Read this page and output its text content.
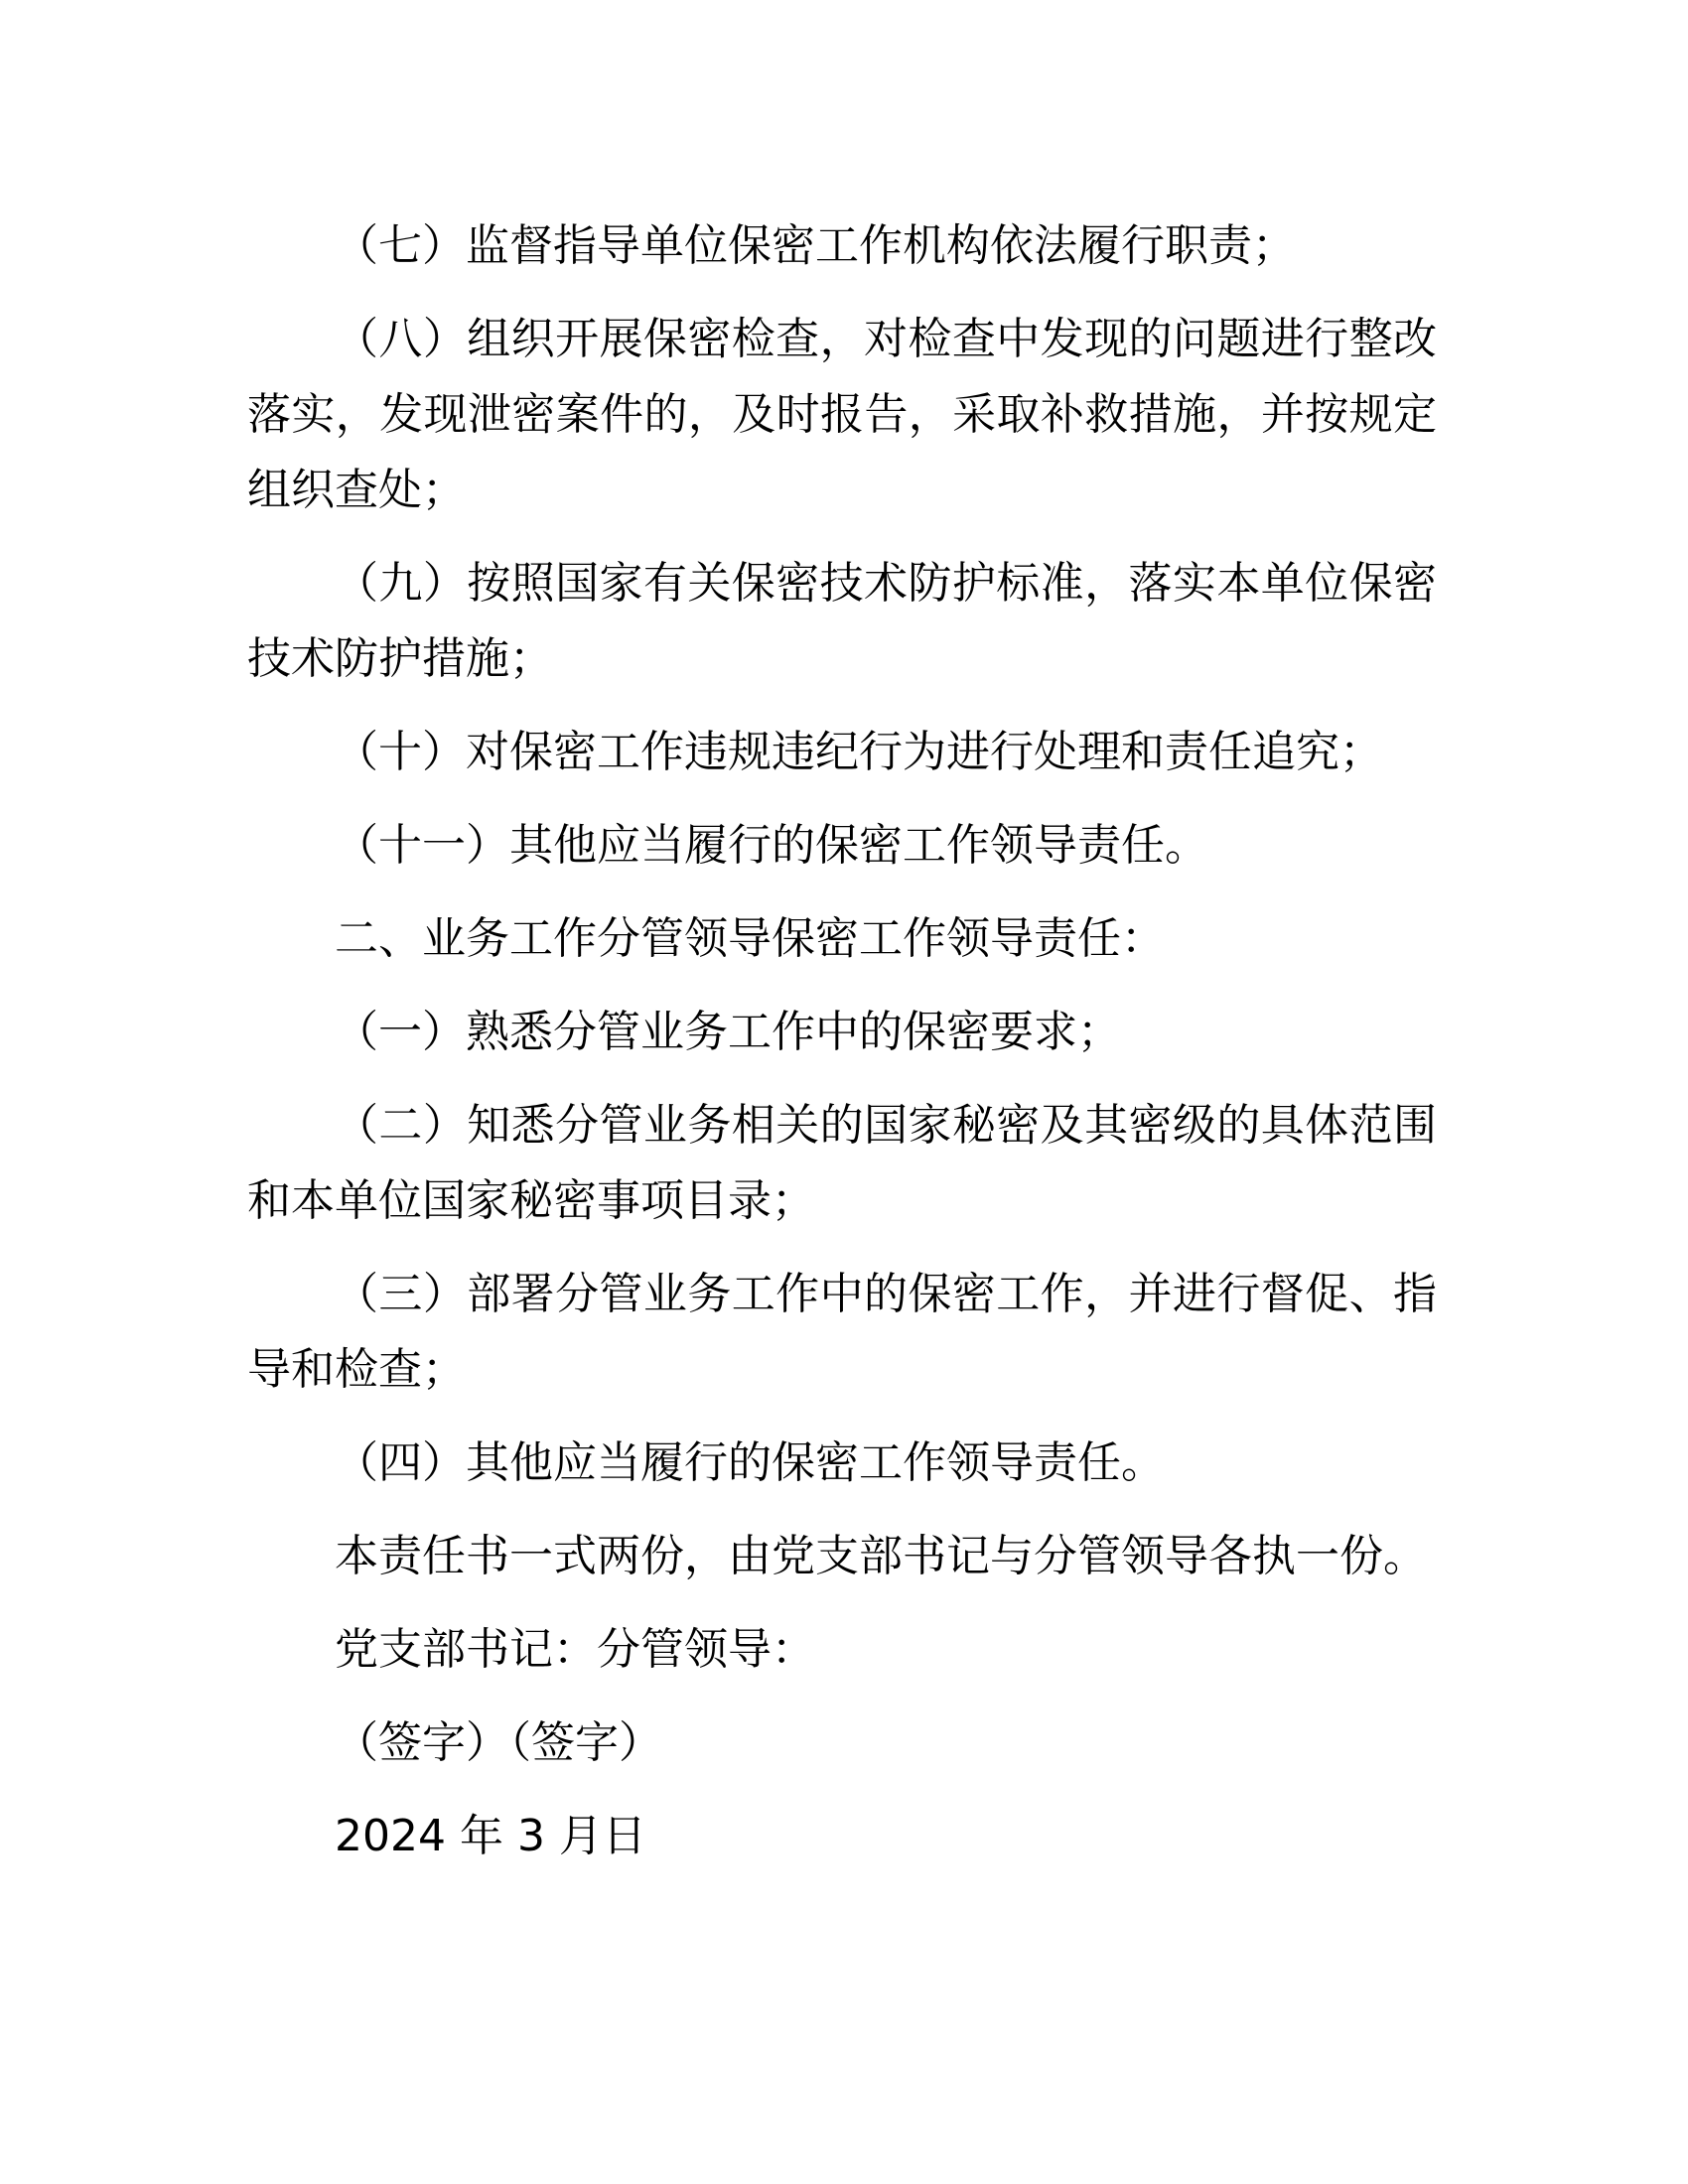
（七）监督指导单位保密工作机构依法履行职责；

（八）组织开展保密检查，对检查中发现的问题进行整改落实，发现泄密案件的，及时报告，采取补救措施，并按规定组织查处；

（九）按照国家有关保密技术防护标准，落实本单位保密技术防护措施；

（十）对保密工作违规违纪行为进行处理和责任追究；

（十一）其他应当履行的保密工作领导责任。

二、业务工作分管领导保密工作领导责任：

（一）熟悉分管业务工作中的保密要求；

（二）知悉分管业务相关的国家秘密及其密级的具体范围和本单位国家秘密事项目录；

（三）部署分管业务工作中的保密工作，并进行督促、指导和检查；

（四）其他应当履行的保密工作领导责任。

本责任书一式两份，由党支部书记与分管领导各执一份。

党支部书记：分管领导：

（签字）（签字）

2024 年 3 月日
